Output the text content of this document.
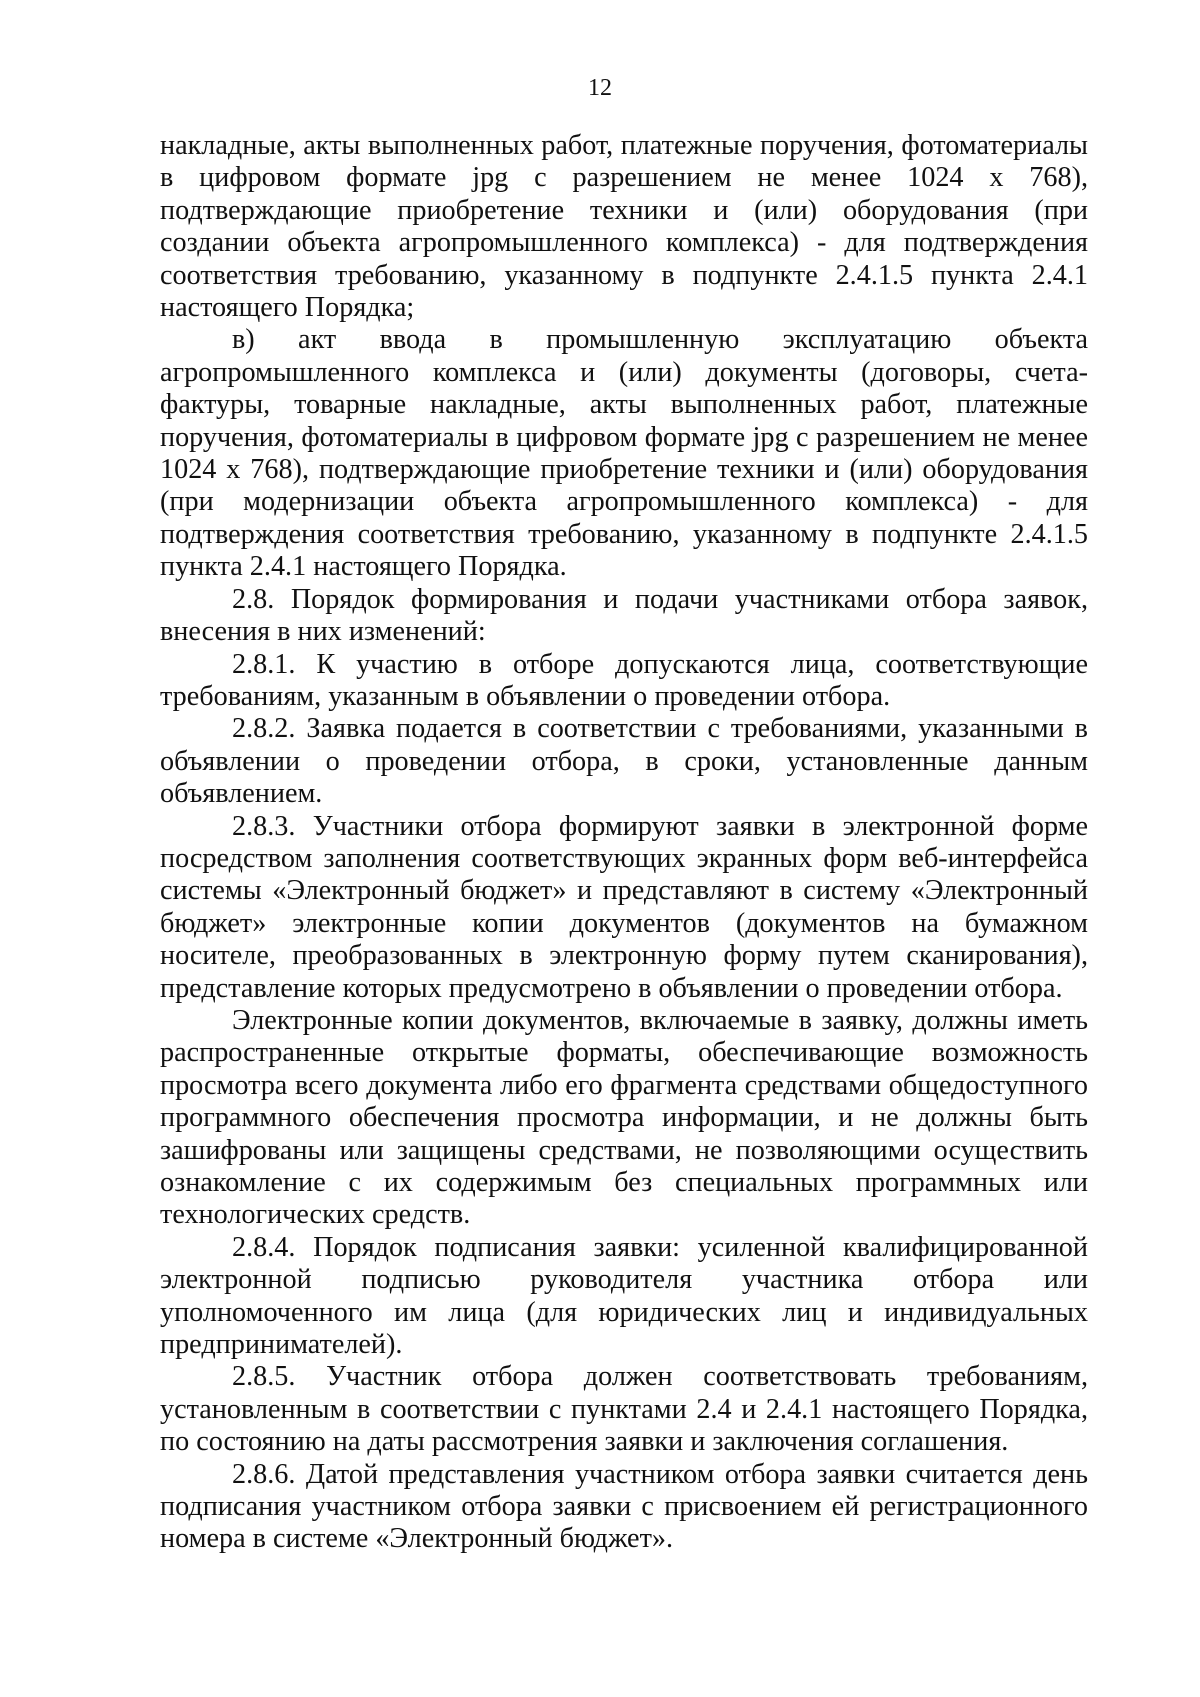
12

накладные, акты выполненных работ, платежные поручения, фотоматериалы в цифровом формате jpg с разрешением не менее 1024 х 768), подтверждающие приобретение техники и (или) оборудования (при создании объекта агропромышленного комплекса) - для подтверждения соответствия требованию, указанному в подпункте 2.4.1.5 пункта 2.4.1 настоящего Порядка;

в) акт ввода в промышленную эксплуатацию объекта агропромышленного комплекса и (или) документы (договоры, счета-фактуры, товарные накладные, акты выполненных работ, платежные поручения, фотоматериалы в цифровом формате jpg с разрешением не менее 1024 х 768), подтверждающие приобретение техники и (или) оборудования (при модернизации объекта агропромышленного комплекса) - для подтверждения соответствия требованию, указанному в подпункте 2.4.1.5 пункта 2.4.1 настоящего Порядка.

2.8. Порядок формирования и подачи участниками отбора заявок, внесения в них изменений:

2.8.1. К участию в отборе допускаются лица, соответствующие требованиям, указанным в объявлении о проведении отбора.

2.8.2. Заявка подается в соответствии с требованиями, указанными в объявлении о проведении отбора, в сроки, установленные данным объявлением.

2.8.3. Участники отбора формируют заявки в электронной форме посредством заполнения соответствующих экранных форм веб-интерфейса системы «Электронный бюджет» и представляют в систему «Электронный бюджет» электронные копии документов (документов на бумажном носителе, преобразованных в электронную форму путем сканирования), представление которых предусмотрено в объявлении о проведении отбора.

Электронные копии документов, включаемые в заявку, должны иметь распространенные открытые форматы, обеспечивающие возможность просмотра всего документа либо его фрагмента средствами общедоступного программного обеспечения просмотра информации, и не должны быть зашифрованы или защищены средствами, не позволяющими осуществить ознакомление с их содержимым без специальных программных или технологических средств.

2.8.4. Порядок подписания заявки: усиленной квалифицированной электронной подписью руководителя участника отбора или уполномоченного им лица (для юридических лиц и индивидуальных предпринимателей).

2.8.5. Участник отбора должен соответствовать требованиям, установленным в соответствии с пунктами 2.4 и 2.4.1 настоящего Порядка, по состоянию на даты рассмотрения заявки и заключения соглашения.

2.8.6. Датой представления участником отбора заявки считается день подписания участником отбора заявки с присвоением ей регистрационного номера в системе «Электронный бюджет».
